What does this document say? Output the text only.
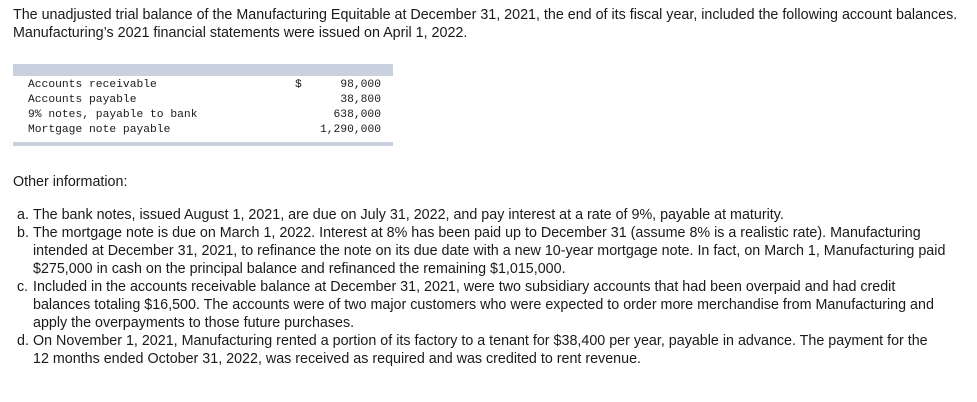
The unadjusted trial balance of the Manufacturing Equitable at December 31, 2021, the end of its fiscal year, included the following account balances. Manufacturing’s 2021 financial statements were issued on April 1, 2022.
Accounts receivable	$	98,000
Accounts payable	38,800
9% notes, payable to bank	638,000
Mortgage note payable	1,290,000
Other information:
a. The bank notes, issued August 1, 2021, are due on July 31, 2022, and pay interest at a rate of 9%, payable at maturity.
b. The mortgage note is due on March 1, 2022. Interest at 8% has been paid up to December 31 (assume 8% is a realistic rate). Manufacturing intended at December 31, 2021, to refinance the note on its due date with a new 10-year mortgage note. In fact, on March 1, Manufacturing paid $275,000 in cash on the principal balance and refinanced the remaining $1,015,000.
c. Included in the accounts receivable balance at December 31, 2021, were two subsidiary accounts that had been overpaid and had credit balances totaling $16,500. The accounts were of two major customers who were expected to order more merchandise from Manufacturing and apply the overpayments to those future purchases.
d. On November 1, 2021, Manufacturing rented a portion of its factory to a tenant for $38,400 per year, payable in advance. The payment for the 12 months ended October 31, 2022, was received as required and was credited to rent revenue.
